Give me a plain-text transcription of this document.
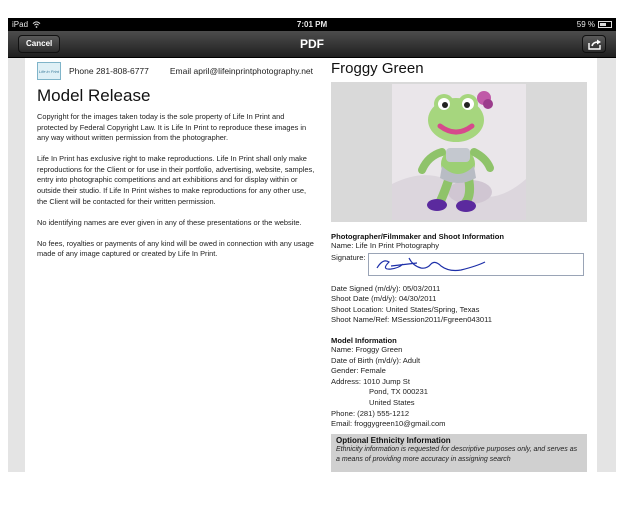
iPad	7:01 PM	59 %
Cancel	PDF
Life in Print Phone 281-808-6777 Email april@lifeinprintphotography.net
Model Release

Copyright for the images taken today is the sole property of Life In Print and protected by Federal Copyright Law. It is Life In Print to reproduce these images in any way without written permission from the photographer.

Life In Print has exclusive right to make reproductions. Life In Print shall only make reproductions for the Client or for use in their portfolio, advertising, website, samples, entry into photographic competitions and art exhibitions and for display within or outside their studio. If Life In Print wishes to make reproductions for any other use, the Client will be contacted for their written permission.

No identifying names are ever given in any of these presentations or the website.

No fees, royalties or payments of any kind will be owed in connection with any usage made of any image captured or created by Life In Print.

Froggy Green
Photographer/Filmmaker and Shoot Information
Name: Life In Print Photography
Signature:
Date Signed (m/d/y): 05/03/2011
Shoot Date (m/d/y): 04/30/2011
Shoot Location: United States/Spring, Texas
Shoot Name/Ref: MSession2011/Fgreen043011
Model Information
Name: Froggy Green
Date of Birth (m/d/y): Adult
Gender: Female
Address: 1010 Jump St
Pond, TX 000231
United States
Phone: (281) 555-1212
Email: froggygreen10@gmail.com
Optional Ethnicity Information
Ethnicity information is requested for descriptive purposes only, and serves as a means of providing more accuracy in assigning search
